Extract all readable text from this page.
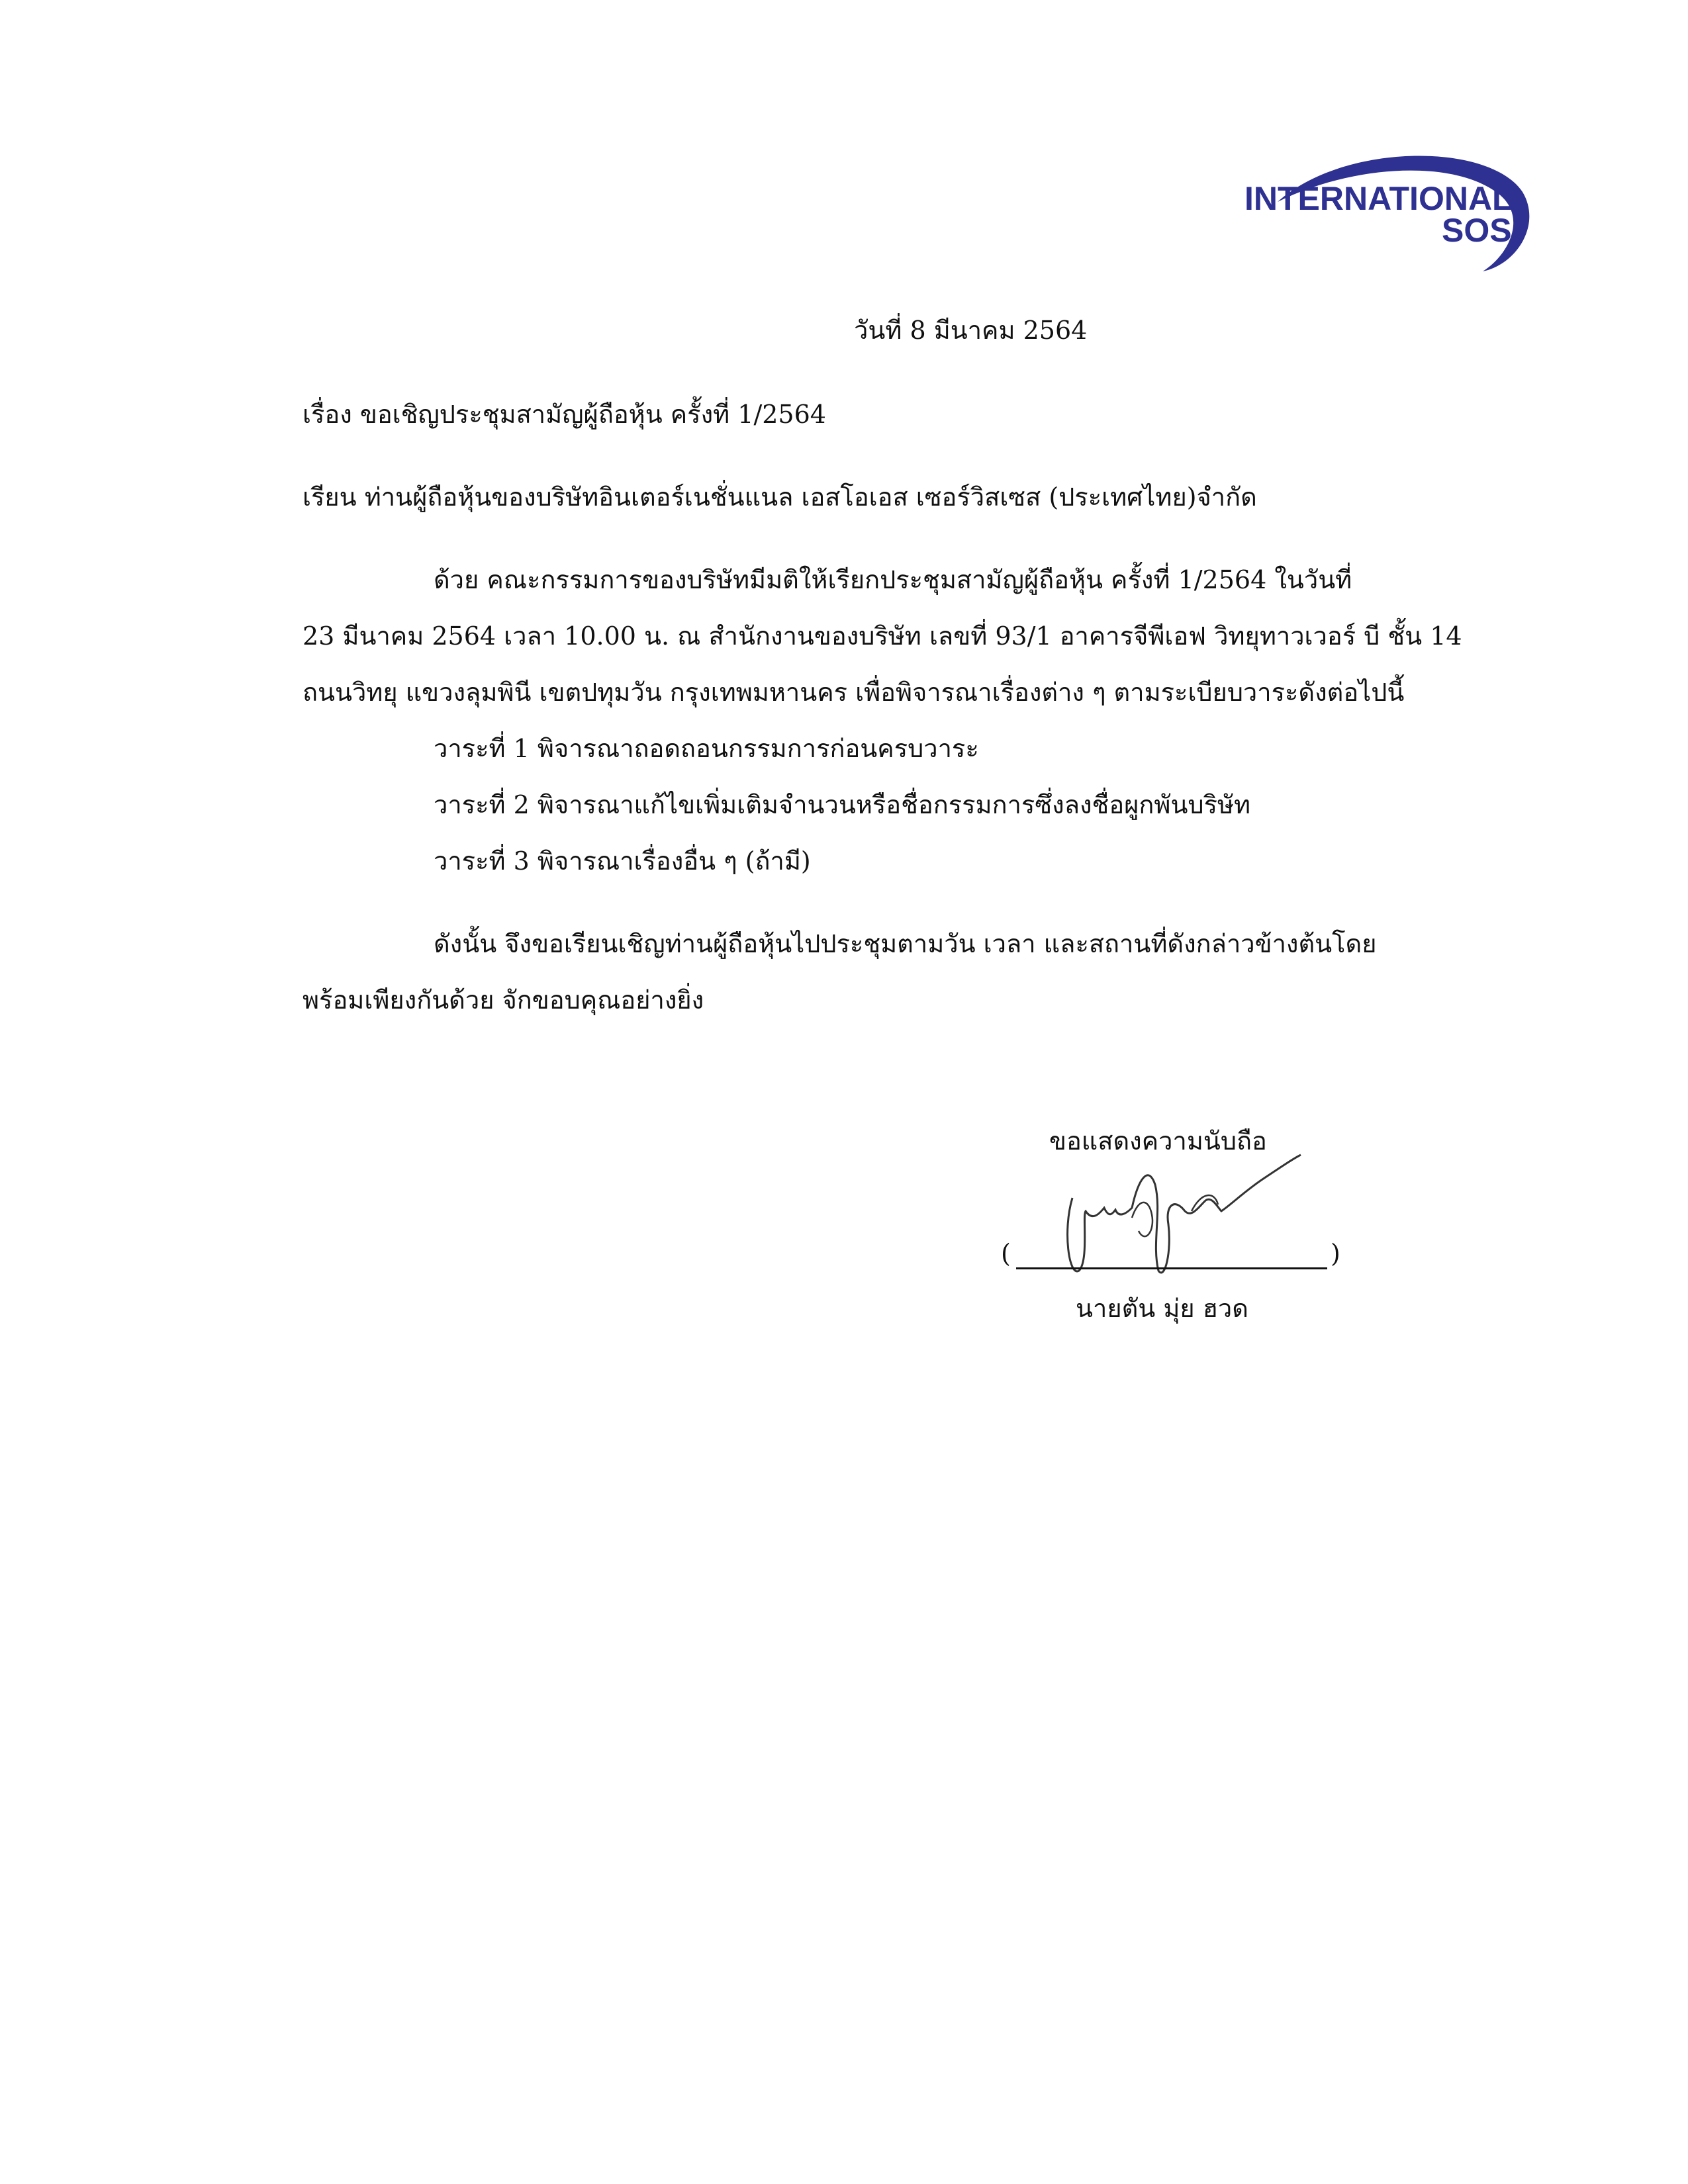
INTERNATIONAL
SOS
วันที่ 8 มีนาคม 2564
เรื่อง ขอเชิญประชุมสามัญผู้ถือหุ้น ครั้งที่ 1/2564
เรียน ท่านผู้ถือหุ้นของบริษัทอินเตอร์เนชั่นแนล เอสโอเอส เซอร์วิสเซส (ประเทศไทย)จำกัด
ด้วย คณะกรรมการของบริษัทมีมติให้เรียกประชุมสามัญผู้ถือหุ้น ครั้งที่ 1/2564 ในวันที่
23 มีนาคม 2564 เวลา 10.00 น. ณ สำนักงานของบริษัท เลขที่ 93/1 อาคารจีพีเอฟ วิทยุทาวเวอร์ บี ชั้น 14
ถนนวิทยุ แขวงลุมพินี เขตปทุมวัน กรุงเทพมหานคร เพื่อพิจารณาเรื่องต่าง ๆ ตามระเบียบวาระดังต่อไปนี้
วาระที่ 1 พิจารณาถอดถอนกรรมการก่อนครบวาระ
วาระที่ 2 พิจารณาแก้ไขเพิ่มเติมจำนวนหรือชื่อกรรมการซึ่งลงชื่อผูกพันบริษัท
วาระที่ 3 พิจารณาเรื่องอื่น ๆ (ถ้ามี)
ดังนั้น จึงขอเรียนเชิญท่านผู้ถือหุ้นไปประชุมตามวัน เวลา และสถานที่ดังกล่าวข้างต้นโดย
พร้อมเพียงกันด้วย จักขอบคุณอย่างยิ่ง
ขอแสดงความนับถือ
(	)
นายตัน มุ่ย ฮวด
